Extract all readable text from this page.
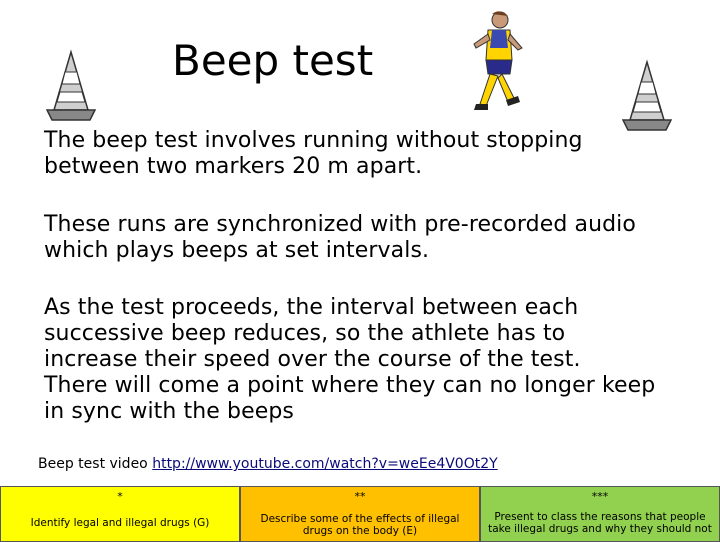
Beep test

The beep test involves running without stopping
between two markers 20 m apart.

These runs are synchronized with pre-recorded audio
which plays beeps at set intervals.

As the test proceeds, the interval between each
successive beep reduces, so the athlete has to
increase their speed over the course of the test.
There will come a point where they can no longer keep
in sync with the beeps

Beep test video http://www.youtube.com/watch?v=weEe4V0Ot2Y
*
Identify legal and illegal drugs (G)
**
Describe some of the effects of illegal
drugs on the body (E)
***
Present to class the reasons that people
take illegal drugs and why they should not
